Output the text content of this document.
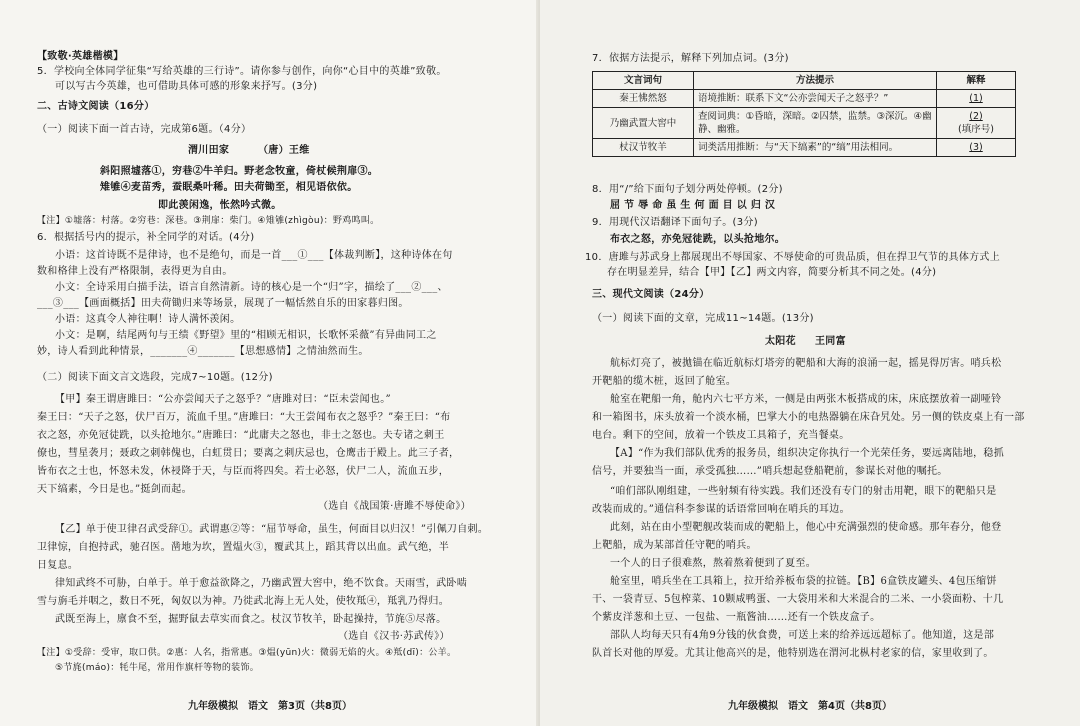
【致敬·英雄楷模】
5．学校向全体同学征集“写给英雄的三行诗”。请你参与创作，向你“心目中的英雄”致敬。
可以写古今英雄，也可借助具体可感的形象来抒写。(3分)
二、古诗文阅读（16分）
（一）阅读下面一首古诗，完成第6题。（4分）
渭川田家	（唐）王维
斜阳照墟落①，穷巷②牛羊归。野老念牧童，倚杖候荆扉③。
雉雊④麦苗秀，蚕眠桑叶稀。田夫荷锄至，相见语依依。
即此羡闲逸，怅然吟式微。
【注】①墟落：村落。②穷巷：深巷。③荆扉：柴门。④雉雊(zhìgòu)：野鸡鸣叫。
6．根据括号内的提示，补全同学的对话。(4分)
小语：这首诗既不是律诗，也不是绝句，而是一首___①___【体裁判断】，这种诗体在句
数和格律上没有严格限制，表得更为自由。
小文：全诗采用白描手法，语言自然清新。诗的核心是一个“归”字，描绘了___②___、
___③___【画面概括】田夫荷锄归来等场景，展现了一幅恬然自乐的田家暮归图。
小语：这真令人神往啊！诗人满怀羡闲。
小文：是啊，结尾两句与王绩《野望》里的“相顾无相识，长歌怀采薇”有异曲同工之
妙，诗人看到此种情景，_______④_______【思想感情】之情油然而生。
（二）阅读下面文言文选段，完成7~10题。(12分)
【甲】秦王谓唐雎曰：“公亦尝闻天子之怒乎？”唐雎对曰：“臣未尝闻也。”
秦王曰：“天子之怒，伏尸百万，流血千里。”唐雎曰：“大王尝闻布衣之怒乎？”秦王曰：“布
衣之怒，亦免冠徒跣，以头抢地尔。”唐雎曰：“此庸夫之怒也，非士之怒也。夫专诸之刺王
僚也，彗星袭月；聂政之刺韩傀也，白虹贯日；要离之刺庆忌也，仓鹰击于殿上。此三子者，
皆布衣之士也，怀怒未发，休祲降于天，与臣而将四矣。若士必怒，伏尸二人，流血五步，
天下缟素，今日是也。”挺剑而起。
（选自《战国策·唐雎不辱使命》）
【乙】单于使卫律召武受辞①。武谓惠②等：“屈节辱命，虽生，何面目以归汉！”引佩刀自刺。
卫律惊，自抱持武，驰召医。凿地为坎，置煴火③，覆武其上，蹈其背以出血。武气绝，半
日复息。
律知武终不可胁，白单于。单于愈益欲降之，乃幽武置大窖中，绝不饮食。天雨雪，武卧啮
雪与旃毛并咽之，数日不死，匈奴以为神。乃徙武北海上无人处，使牧羝④，羝乳乃得归。
武既至海上，廪食不至，掘野鼠去草实而食之。杖汉节牧羊，卧起操持，节旄⑤尽落。
（选自《汉书·苏武传》）
【注】①受辞：受审，取口供。②惠：人名，指常惠。③煴(yūn)火：微弱无焰的火。④羝(dī)：公羊。
⑤节旄(máo)：牦牛尾，常用作旗杆等物的装饰。
九年级模拟　语文　第3页（共8页）	九年级模拟　语文　第4页（共8页）
7．依据方法提示，解释下列加点词。(3分)
文言词句	方法提示	解释
秦王怫然怒	语境推断：联系下文“公亦尝闻天子之怒乎？”	(1)
乃幽武置大窖中	查阅词典：①昏暗，深暗。②囚禁，监禁。③深沉。④幽静、幽雅。	(2)
(填序号)
杖汉节牧羊	词类活用推断：与“天下缟素”的“缟”用法相同。	(3)
8．用“/”给下面句子划分两处停顿。(2分)
屈 节 辱 命 虽 生 何 面 目 以 归 汉
9．用现代汉语翻译下面句子。(3分)
布衣之怒，亦免冠徒跣，以头抢地尔。
10．唐雎与苏武身上都展现出不辱国家、不辱使命的可贵品质，但在捍卫气节的具体方式上
存在明显差异，结合【甲】【乙】两文内容，简要分析其不同之处。(4分)
三、现代文阅读（24分）
（一）阅读下面的文章，完成11~14题。(13分)
太阳花 王同富
航标灯亮了，被拋锚在临近航标灯塔旁的靶船和大海的浪涌一起，摇晃得厉害。哨兵松
开靶船的缆木桩，返回了舱室。
舱室在靶船一角，舱内六七平方米，一侧是由两张木板搭成的床，床底摆放着一副哑铃
和一箱图书，床头放着一个淡水桶，巴掌大小的电热器躺在床旮旯处。另一侧的铁皮桌上有一部
电台。剩下的空间，放着一个铁皮工具箱子，充当餐桌。
【A】“作为我们部队优秀的报务员，组织决定你执行一个光荣任务，要远离陆地，稳抓
信号，并要独当一面，承受孤独……”哨兵想起登船靶前，参谋长对他的嘱托。
“咱们部队刚组建，一些射频有待实践。我们还没有专门的射击用靶，眼下的靶船只是
改装而成的。”通信科李参谋的话语常回响在哨兵的耳边。
此刻，站在由小型靶舰改装而成的靶船上，他心中充满强烈的使命感。那年春分，他登
上靶船，成为某部首任守靶的哨兵。
一个人的日子很难熬，熬着熬着便到了夏至。
舱室里，哨兵坐在工具箱上，拉开给养板布袋的拉链。【B】6盒铁皮罐头、4包压缩饼
干、一袋青豆、5包榨菜、10颗咸鸭蛋、一大袋用米和大米混合的二米、一小袋面粉、十几
个紫皮洋葱和土豆、一包盐、一瓶酱油……还有一个铁皮盒子。
部队人均每天只有4角9分钱的伙食费，可送上来的给养远远超标了。他知道，这是部
队首长对他的厚爱。尤其让他高兴的是，他特别选在渭河北枞村老家的信，家里收到了。
